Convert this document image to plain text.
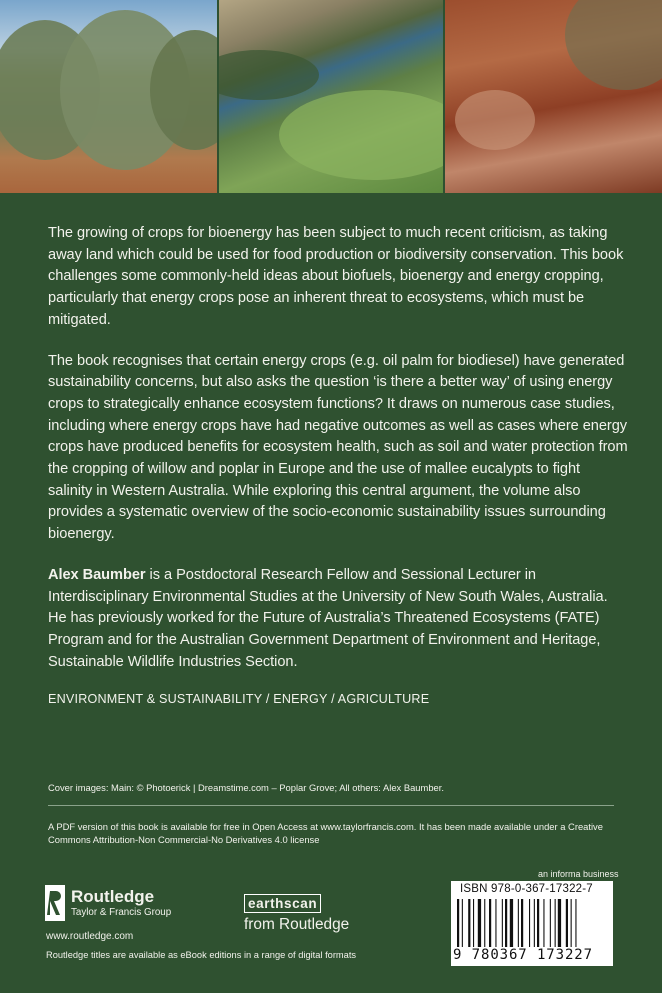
The growing of crops for bioenergy has been subject to much recent criticism, as taking away land which could be used for food production or biodiversity conservation. This book challenges some commonly-held ideas about biofuels, bioenergy and energy cropping, particularly that energy crops pose an inherent threat to ecosystems, which must be mitigated.

The book recognises that certain energy crops (e.g. oil palm for biodiesel) have generated sustainability concerns, but also asks the question ‘is there a better way’ of using energy crops to strategically enhance ecosystem functions? It draws on numerous case studies, including where energy crops have had negative outcomes as well as cases where energy crops have produced benefits for ecosystem health, such as soil and water protection from the cropping of willow and poplar in Europe and the use of mallee eucalypts to fight salinity in Western Australia. While exploring this central argument, the volume also provides a systematic overview of the socio-economic sustainability issues surrounding bioenergy.

Alex Baumber is a Postdoctoral Research Fellow and Sessional Lecturer in Interdisciplinary Environmental Studies at the University of New South Wales, Australia. He has previously worked for the Future of Australia’s Threatened Ecosystems (FATE) Program and for the Australian Government Department of Environment and Heritage, Sustainable Wildlife Industries Section.

ENVIRONMENT & SUSTAINABILITY / ENERGY / AGRICULTURE
Cover images: Main: © Photoerick | Dreamstime.com – Poplar Grove; All others: Alex Baumber.
A PDF version of this book is available for free in Open Access at www.taylorfrancis.com. It has been made available under a Creative Commons Attribution-Non Commercial-No Derivatives 4.0 license
Routledge
Taylor & Francis Group
www.routledge.com
Routledge titles are available as eBook editions in a range of digital formats
earthscan
from Routledge
an informa business
ISBN 978-0-367-17322-7
9 780367 173227
